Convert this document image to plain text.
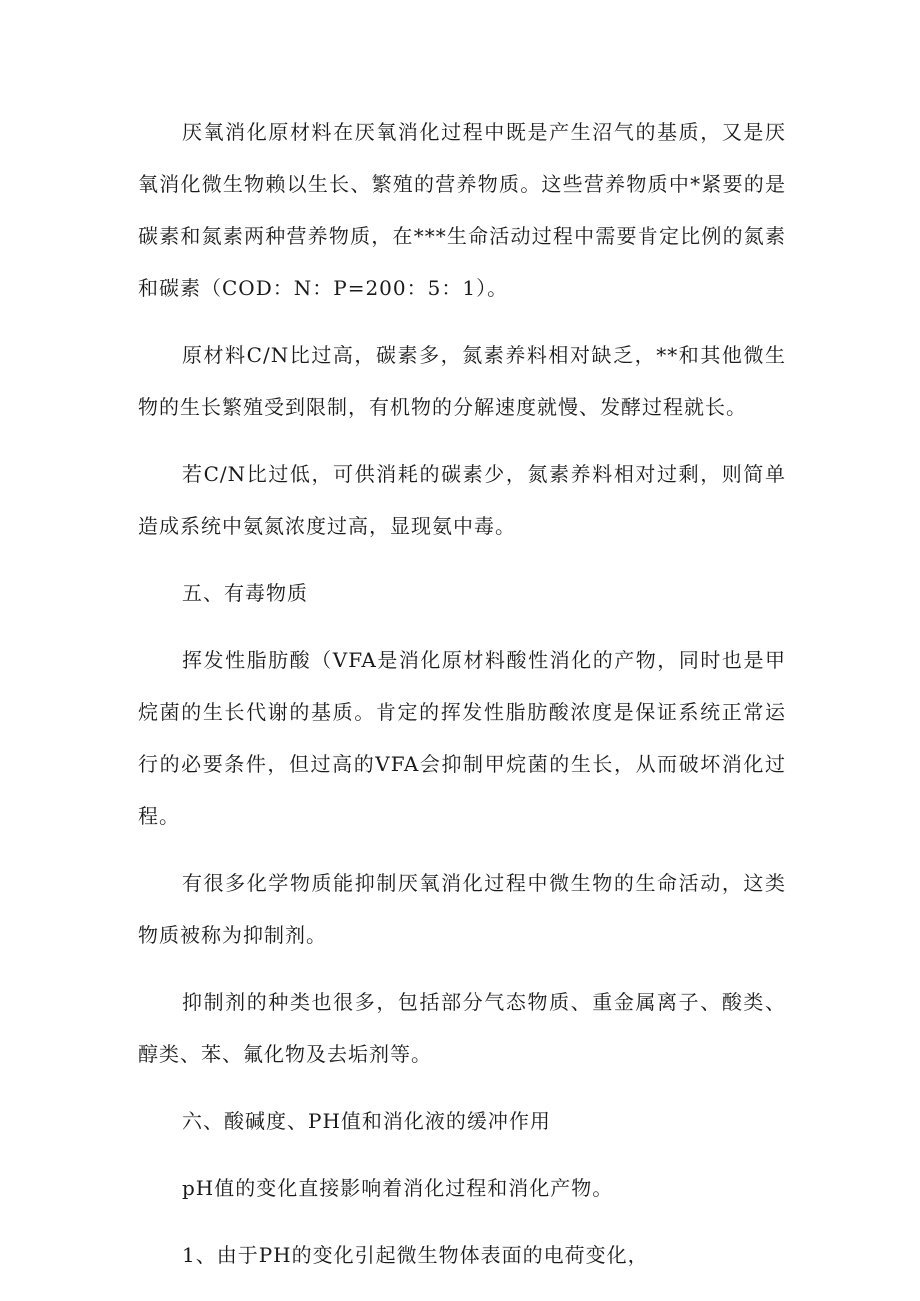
厌氧消化原材料在厌氧消化过程中既是产生沼气的基质，又是厌氧消化微生物赖以生长、繁殖的营养物质。这些营养物质中*紧要的是碳素和氮素两种营养物质，在***生命活动过程中需要肯定比例的氮素和碳素（COD：N：P=200：5：1）。

原材料C/N比过高，碳素多，氮素养料相对缺乏，**和其他微生物的生长繁殖受到限制，有机物的分解速度就慢、发酵过程就长。

若C/N比过低，可供消耗的碳素少，氮素养料相对过剩，则简单造成系统中氨氮浓度过高，显现氨中毒。

五、有毒物质

挥发性脂肪酸（VFA是消化原材料酸性消化的产物，同时也是甲烷菌的生长代谢的基质。肯定的挥发性脂肪酸浓度是保证系统正常运行的必要条件，但过高的VFA会抑制甲烷菌的生长，从而破坏消化过程。

有很多化学物质能抑制厌氧消化过程中微生物的生命活动，这类物质被称为抑制剂。

抑制剂的种类也很多，包括部分气态物质、重金属离子、酸类、醇类、苯、氟化物及去垢剂等。

六、酸碱度、PH值和消化液的缓冲作用

pH值的变化直接影响着消化过程和消化产物。

1、由于PH的变化引起微生物体表面的电荷变化，
